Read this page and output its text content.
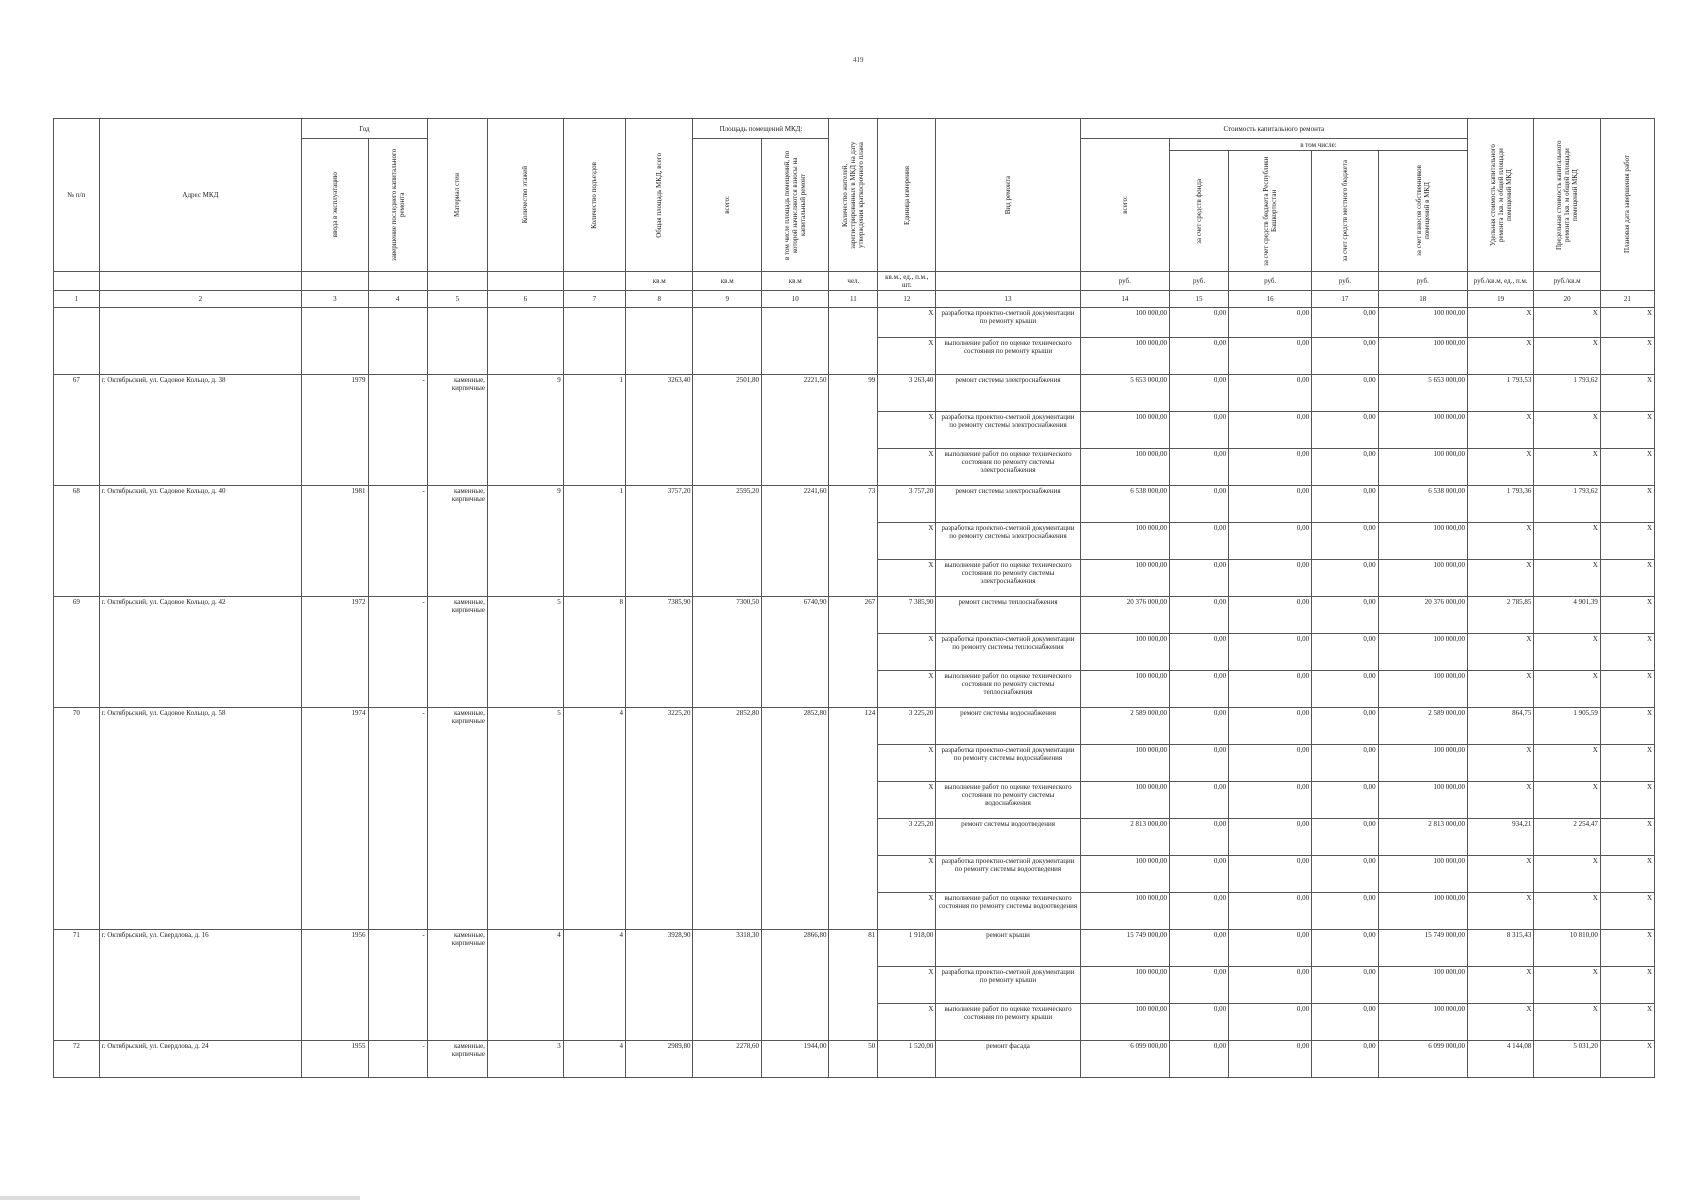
419
№ п/п	Адрес МКД	Год		Материал стен	Количество этажей	Количество подъездов	Общая площадь МКД, всего	Площадь помещений МКД:		Количество жителей, зарегистрированных в МКД на дату утверждения краткосрочного плана	Единица измерения	Вид ремонта	Стоимость капитального ремонта					Удельная стоимость капитального ремонта 1кв. м общей площади помещений МКД	Предельная стоимость капитального ремонта 1кв. м общей площади помещений МКД	Плановая дата завершения работ

		ввода в эксплуатацию	завершение последнего капитального ремонта					всего:	в том числе площадь помещений, по которой начисляются взносы на капитальный ремонт				всего:	в том числе:						

														за счет средств фонда	за счет средств бюджета Республики Башкортостан	за счет средств местного бюджета	за счет взносов собственников помещений в МКД			

							кв.м	кв.м	кв.м	чел.	кв.м., ед., п.м., шт.		руб.	руб.	руб.	руб.	руб.	руб./кв.м, ед., п.м.	руб./кв.м	
1	2	3	4	5	6	7	8	9	10	11	12	13	14	15	16	17	18	19	20	21
											X	разработка проектно-сметной документации по ремонту крыши	100 000,00	0,00	0,00	0,00	100 000,00	X	X	X
											X	выполнение работ по оценке технического состояния по ремонту крыши	100 000,00	0,00	0,00	0,00	100 000,00	X	X	X
67	г. Октябрьский, ул. Садовое Кольцо, д. 38	1979	-	каменные, кирпичные	9	1	3263,40	2501,80	2221,50	99	3 263,40	ремонт системы электроснабжения	5 653 000,00	0,00	0,00	0,00	5 653 000,00	1 793,53	1 793,62	X
											X	разработка проектно-сметной документации по ремонту системы электроснабжения	100 000,00	0,00	0,00	0,00	100 000,00	X	X	X
											X	выполнение работ по оценке технического состояния по ремонту системы электроснабжения	100 000,00	0,00	0,00	0,00	100 000,00	X	X	X
68	г. Октябрьский, ул. Садовое Кольцо, д. 40	1981	-	каменные, кирпичные	9	1	3757,20	2595,20	2241,60	73	3 757,20	ремонт системы электроснабжения	6 538 000,00	0,00	0,00	0,00	6 538 000,00	1 793,36	1 793,62	X
											X	разработка проектно-сметной документации по ремонту системы электроснабжения	100 000,00	0,00	0,00	0,00	100 000,00	X	X	X
											X	выполнение работ по оценке технического состояния по ремонту системы электроснабжения	100 000,00	0,00	0,00	0,00	100 000,00	X	X	X
69	г. Октябрьский, ул. Садовое Кольцо, д. 42	1972	-	каменные, кирпичные	5	8	7385,90	7300,50	6740,90	267	7 385,90	ремонт системы теплоснабжения	20 376 000,00	0,00	0,00	0,00	20 376 000,00	2 785,85	4 901,39	X
											X	разработка проектно-сметной документации по ремонту системы теплоснабжения	100 000,00	0,00	0,00	0,00	100 000,00	X	X	X
											X	выполнение работ по оценке технического состояния по ремонту системы теплоснабжения	100 000,00	0,00	0,00	0,00	100 000,00	X	X	X
70	г. Октябрьский, ул. Садовое Кольцо, д. 58	1974	-	каменные, кирпичные	5	4	3225,20	2852,80	2852,80	124	3 225,20	ремонт системы водоснабжения	2 589 000,00	0,00	0,00	0,00	2 589 000,00	864,75	1 905,59	X
											X	разработка проектно-сметной документации по ремонту системы водоснабжения	100 000,00	0,00	0,00	0,00	100 000,00	X	X	X
											X	выполнение работ по оценке технического состояния по ремонту системы водоснабжения	100 000,00	0,00	0,00	0,00	100 000,00	X	X	X
											3 225,20	ремонт системы водоотведения	2 813 000,00	0,00	0,00	0,00	2 813 000,00	934,21	2 254,47	X
											X	разработка проектно-сметной документации по ремонту системы водоотведения	100 000,00	0,00	0,00	0,00	100 000,00	X	X	X
											X	выполнение работ по оценке технического состояния по ремонту системы водоотведения	100 000,00	0,00	0,00	0,00	100 000,00	X	X	X
71	г. Октябрьский, ул. Свердлова, д. 16	1956	-	каменные, кирпичные	4	4	3928,90	3318,30	2866,80	81	1 918,00	ремонт крыши	15 749 000,00	0,00	0,00	0,00	15 749 000,00	8 315,43	10 810,00	X
											X	разработка проектно-сметной документации по ремонту крыши	100 000,00	0,00	0,00	0,00	100 000,00	X	X	X
											X	выполнение работ по оценке технического состояния по ремонту крыши	100 000,00	0,00	0,00	0,00	100 000,00	X	X	X
72	г. Октябрьский, ул. Свердлова, д. 24	1955	-	каменные, кирпичные	3	4	2989,80	2278,60	1944,00	50	1 520,00	ремонт фасада	6 099 000,00	0,00	0,00	0,00	6 099 000,00	4 144,08	5 031,20	X
